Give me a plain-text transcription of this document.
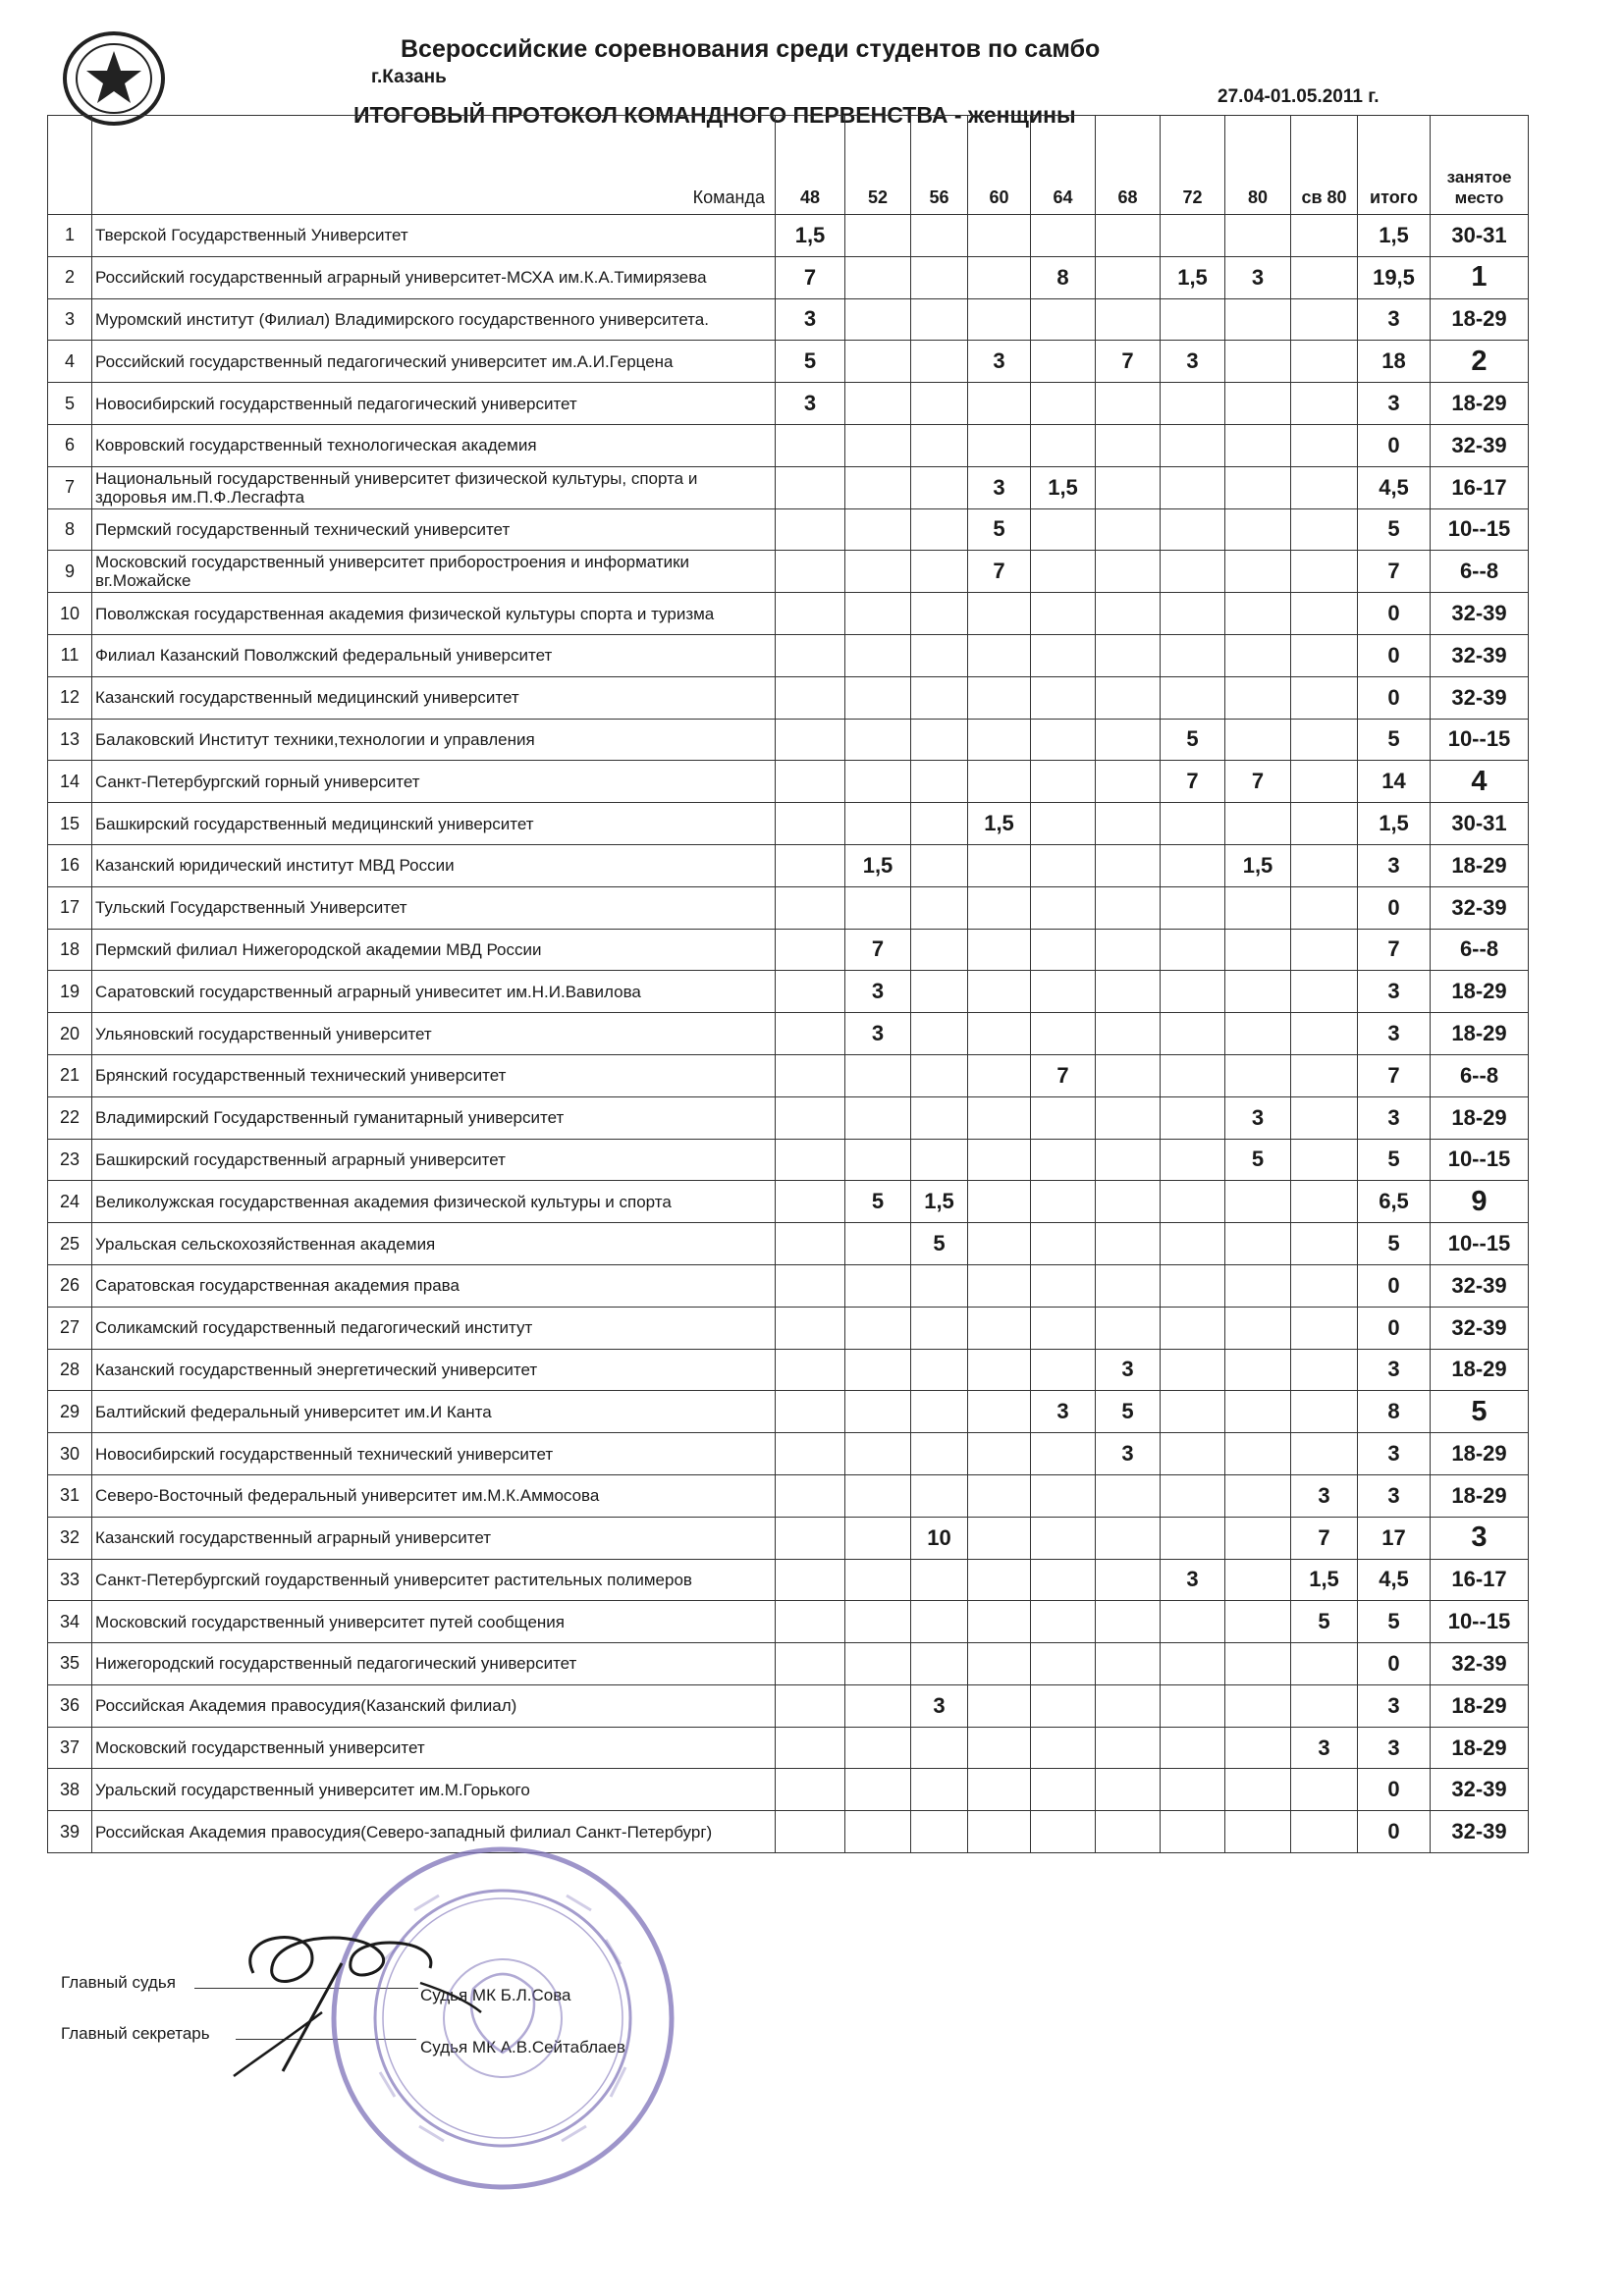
Всероссийские соревнования среди студентов по самбо
г.Казань
27.04-01.05.2011 г.
ИТОГОВЫЙ ПРОТОКОЛ КОМАНДНОГО ПЕРВЕНСТВА - женщины
	Команда	48	52	56	60	64	68	72	80	св 80	итого	занятое место
1	Тверской Государственный Университет	1,5									1,5	30-31
2	Российский государственный аграрный университет-МСХА им.К.А.Тимирязева	7				8		1,5	3		19,5	1
3	Муромский институт (Филиал) Владимирского государственного университета.	3									3	18-29
4	Российский государственный педагогический университет им.А.И.Герцена	5			3		7	3			18	2
5	Новосибирский государственный педагогический университет	3									3	18-29
6	Ковровский государственный технологическая академия										0	32-39
7	Национальный государственный университет физической культуры, спорта и здоровья им.П.Ф.Лесгафта				3	1,5					4,5	16-17
8	Пермский государственный технический университет				5						5	10--15
9	Московский государственный университет приборостроения и информатики вг.Можайске				7						7	6--8
10	Поволжская государственная академия физической культуры спорта и туризма										0	32-39
11	Филиал Казанский Поволжский федеральный университет										0	32-39
12	Казанский государственный медицинский университет										0	32-39
13	Балаковский Институт техники,технологии и управления							5			5	10--15
14	Санкт-Петербургский горный университет							7	7		14	4
15	Башкирский государственный медицинский университет				1,5						1,5	30-31
16	Казанский юридический институт МВД России		1,5						1,5		3	18-29
17	Тульский Государственный Университет										0	32-39
18	Пермский филиал Нижегородской академии МВД России		7								7	6--8
19	Саратовский государственный аграрный унивеситет им.Н.И.Вавилова		3								3	18-29
20	Ульяновский государственный университет		3								3	18-29
21	Брянский государственный технический университет					7					7	6--8
22	Владимирский Государственный гуманитарный университет								3		3	18-29
23	Башкирский государственный аграрный университет								5		5	10--15
24	Великолужская государственная академия физической культуры и спорта		5	1,5							6,5	9
25	Уральская сельскохозяйственная академия			5							5	10--15
26	Саратовская государственная академия права										0	32-39
27	Соликамский государственный педагогический институт										0	32-39
28	Казанский государственный энергетический университет						3				3	18-29
29	Балтийский федеральный университет им.И Канта					3	5				8	5
30	Новосибирский государственный технический университет						3				3	18-29
31	Северо-Восточный федеральный университет им.М.К.Аммосова									3	3	18-29
32	Казанский государственный аграрный университет			10						7	17	3
33	Санкт-Петербургский гоударственный университет растительных полимеров							3		1,5	4,5	16-17
34	Московский государственный университет путей сообщения									5	5	10--15
35	Нижегородский государственный педагогический университет										0	32-39
36	Российская Академия правосудия(Казанский филиал)			3							3	18-29
37	Московский государственный университет									3	3	18-29
38	Уральский государственный университет им.М.Горького										0	32-39
39	Российская Академия правосудия(Северо-западный филиал Санкт-Петербург)										0	32-39
Главный судья
Судья МК Б.Л.Сова
Главный секретарь
Судья МК А.В.Сейтаблаев
